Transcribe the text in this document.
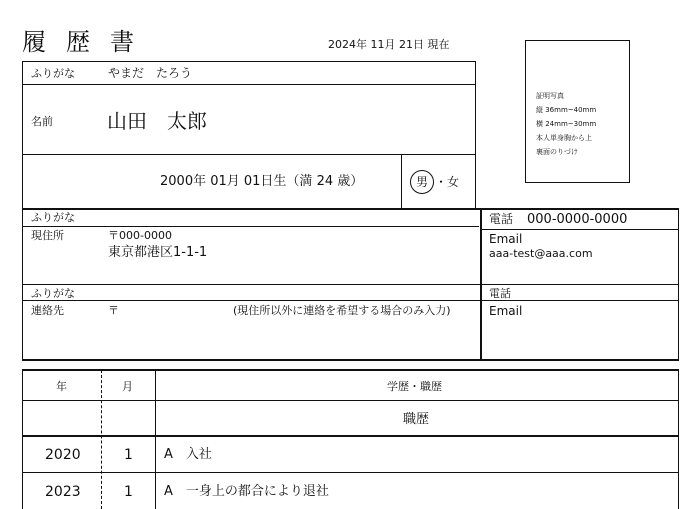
履歴書	2024年 11月 21日 現在
証明写真
縦 36mm~40mm
横 24mm~30mm
本人単身胸から上
裏面のりづけ
ふりがな	やまだ　たろう
名前	山田　太郎
2000年 01月 01日生（満 24 歳）	男 ・女
ふりがな
現住所	〒000-0000
東京都港区1-1-1
電話 000-0000-0000
Email
aaa-test@aaa.com
ふりがな
連絡先	〒	(現住所以外に連絡を希望する場合のみ入力)
電話
Email
年	月	学歴・職歴
職歴
2020	1 A　入社
2023	1 A　一身上の都合により退社
